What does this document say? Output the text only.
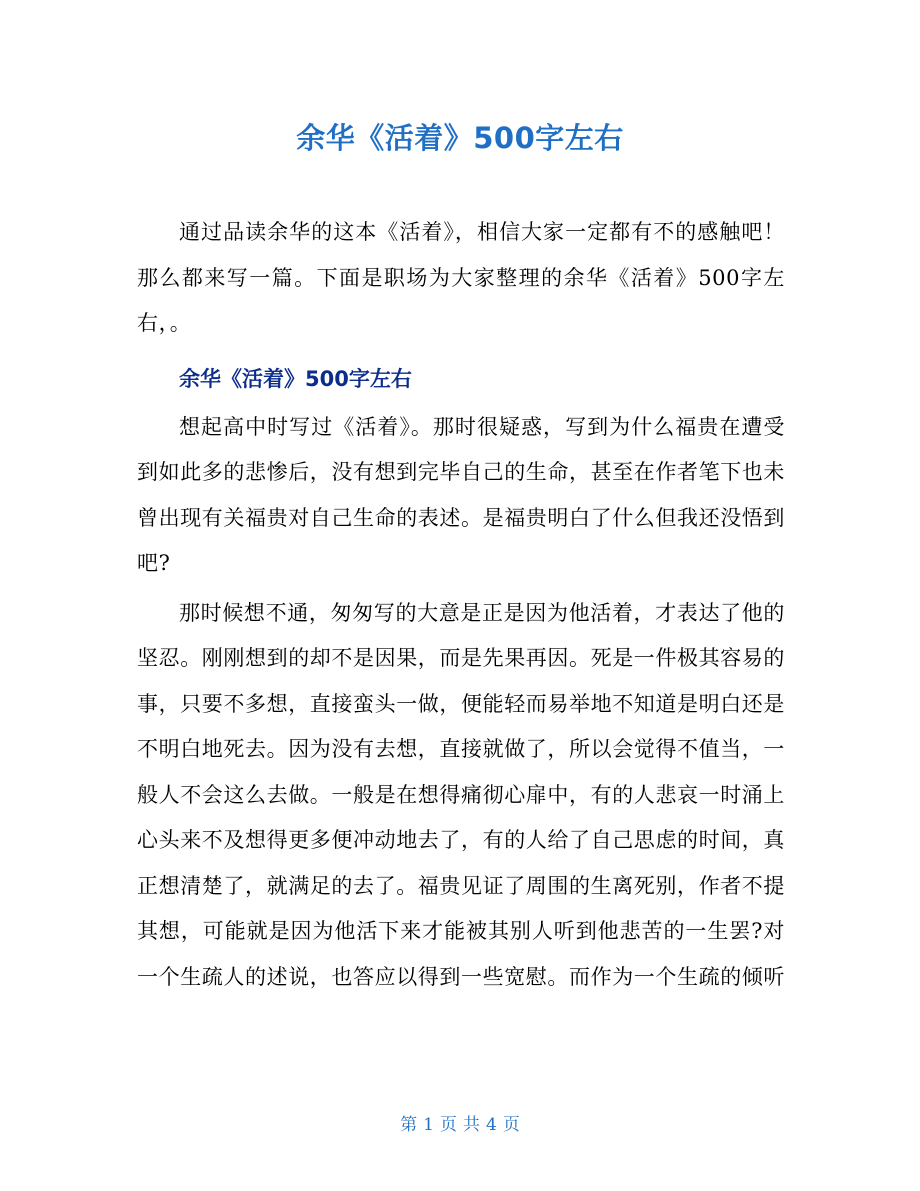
余华《活着》500字左右

通过品读余华的这本《活着》，相信大家一定都有不的感触吧！那么都来写一篇。下面是职场为大家整理的余华《活着》500字左右，。

余华《活着》500字左右

想起高中时写过《活着》。那时很疑惑，写到为什么福贵在遭受到如此多的悲惨后，没有想到完毕自己的生命，甚至在作者笔下也未曾出现有关福贵对自己生命的表述。是福贵明白了什么但我还没悟到吧?

那时候想不通，匆匆写的大意是正是因为他活着，才表达了他的坚忍。刚刚想到的却不是因果，而是先果再因。死是一件极其容易的事，只要不多想，直接蛮头一做，便能轻而易举地不知道是明白还是不明白地死去。因为没有去想，直接就做了，所以会觉得不值当，一般人不会这么去做。一般是在想得痛彻心扉中，有的人悲哀一时涌上心头来不及想得更多便冲动地去了，有的人给了自己思虑的时间，真正想清楚了，就满足的去了。福贵见证了周围的生离死别，作者不提其想，可能就是因为他活下来才能被其别人听到他悲苦的一生罢?对一个生疏人的述说，也答应以得到一些宽慰。而作为一个生疏的倾听

第 1 页 共 4 页
